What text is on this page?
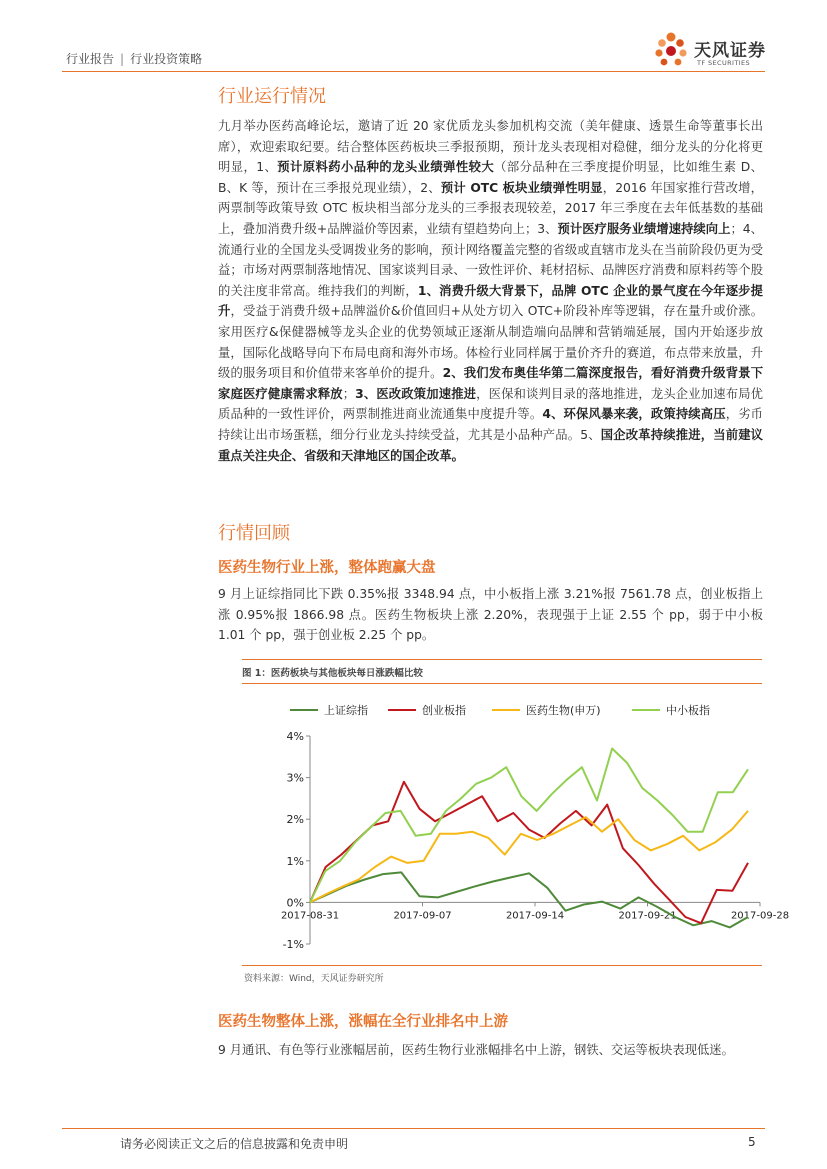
行业报告 | 行业投资策略	天风证券
TF SECURITIES
行业运行情况
九月举办医药高峰论坛，邀请了近 20 家优质龙头参加机构交流（美年健康、透景生命等董事长出席），欢迎索取纪要。结合整体医药板块三季报预期，预计龙头表现相对稳健，细分龙头的分化将更明显，1、预计原料药小品种的龙头业绩弹性较大（部分品种在三季度提价明显，比如维生素 D、B、K 等，预计在三季报兑现业绩），2、预计 OTC 板块业绩弹性明显，2016 年国家推行营改增，两票制等政策导致 OTC 板块相当部分龙头的三季报表现较差，2017 年三季度在去年低基数的基础上，叠加消费升级+品牌溢价等因素，业绩有望趋势向上；3、预计医疗服务业绩增速持续向上；4、流通行业的全国龙头受调拨业务的影响，预计网络覆盖完整的省级或直辖市龙头在当前阶段仍更为受益；市场对两票制落地情况、国家谈判目录、一致性评价、耗材招标、品牌医疗消费和原料药等个股的关注度非常高。维持我们的判断，1、消费升级大背景下，品牌 OTC 企业的景气度在今年逐步提升，受益于消费升级+品牌溢价&价值回归+从处方切入 OTC+阶段补库等逻辑，存在量升或价涨。家用医疗&保健器械等龙头企业的优势领域正逐渐从制造端向品牌和营销端延展，国内开始逐步放量，国际化战略导向下布局电商和海外市场。体检行业同样属于量价齐升的赛道，布点带来放量，升级的服务项目和价值带来客单价的提升。2、我们发布奥佳华第二篇深度报告，看好消费升级背景下家庭医疗健康需求释放；3、医改政策加速推进，医保和谈判目录的落地推进，龙头企业加速布局优质品种的一致性评价，两票制推进商业流通集中度提升等。4、环保风暴来袭，政策持续高压，劣币持续让出市场蛋糕，细分行业龙头持续受益，尤其是小品种产品。5、国企改革持续推进，当前建议重点关注央企、省级和天津地区的国企改革。
行情回顾
医药生物行业上涨，整体跑赢大盘
9 月上证综指同比下跌 0.35%报 3348.94 点，中小板指上涨 3.21%报 7561.78 点，创业板指上涨 0.95%报 1866.98 点。医药生物板块上涨 2.20%，表现强于上证 2.55 个 pp，弱于中小板 1.01 个 pp，强于创业板 2.25 个 pp。
图 1：医药板块与其他板块每日涨跌幅比较
上证综指	创业板指	医药生物(申万)	中小板指
-1%
0%
1%
2%
3%
4%
2017-08-31	2017-09-07	2017-09-14	2017-09-21	2017-09-28
资料来源：Wind，天风证券研究所
医药生物整体上涨，涨幅在全行业排名中上游
9 月通讯、有色等行业涨幅居前，医药生物行业涨幅排名中上游，钢铁、交运等板块表现低迷。
请务必阅读正文之后的信息披露和免责申明	5
